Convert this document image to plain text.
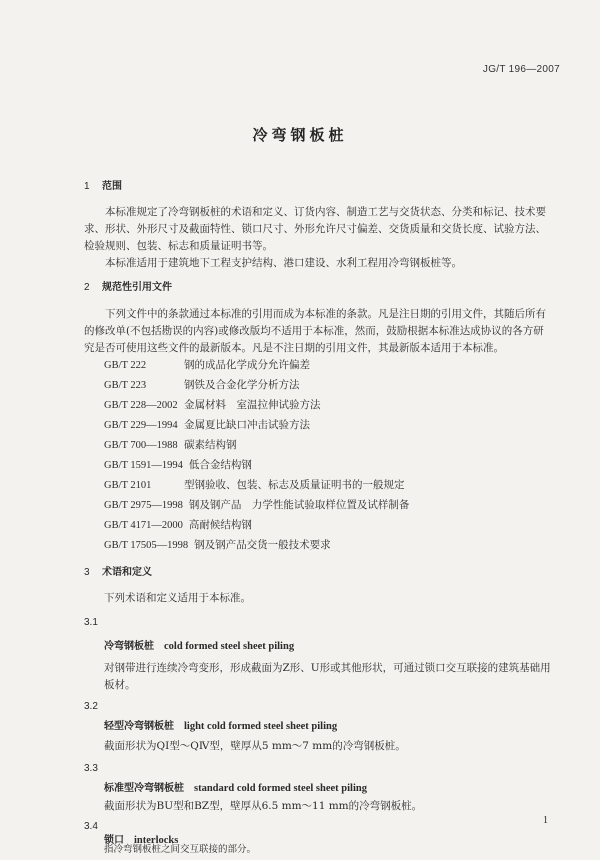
JG/T 196—2007
冷弯钢板桩
1 范围
本标准规定了冷弯钢板桩的术语和定义、订货内容、制造工艺与交货状态、分类和标记、技术要求、形状、外形尺寸及截面特性、锁口尺寸、外形允许尺寸偏差、交货质量和交货长度、试验方法、检验规则、包装、标志和质量证明书等。
本标准适用于建筑地下工程支护结构、港口建设、水利工程用冷弯钢板桩等。
2 规范性引用文件
下列文件中的条款通过本标准的引用而成为本标准的条款。凡是注日期的引用文件，其随后所有的修改单(不包括勘误的内容)或修改版均不适用于本标准，然而，鼓励根据本标准达成协议的各方研究是否可使用这些文件的最新版本。凡是不注日期的引用文件，其最新版本适用于本标准。
GB/T 222	钢的成品化学成分允许偏差
GB/T 223	钢铁及合金化学分析方法
GB/T 228—2002 金属材料　室温拉伸试验方法
GB/T 229—1994 金属夏比缺口冲击试验方法
GB/T 700—1988 碳素结构钢
GB/T 1591—1994 低合金结构钢
GB/T 2101	型钢验收、包装、标志及质量证明书的一般规定
GB/T 2975—1998 钢及钢产品　力学性能试验取样位置及试样制备
GB/T 4171—2000 高耐候结构钢
GB/T 17505—1998 钢及钢产品交货一般技术要求
3 术语和定义
下列术语和定义适用于本标准。
3.1
冷弯钢板桩 cold formed steel sheet piling
对钢带进行连续冷弯变形，形成截面为Z形、U形或其他形状，可通过锁口交互联接的建筑基础用板材。
3.2
轻型冷弯钢板桩 light cold formed steel sheet piling
截面形状为QⅠ型～QⅣ型，壁厚从5 mm～7 mm的冷弯钢板桩。
3.3
标准型冷弯钢板桩 standard cold formed steel sheet piling
截面形状为BU型和BZ型，壁厚从6.5 mm～11 mm的冷弯钢板桩。
3.4
锁口 interlocks
指冷弯钢板桩之间交互联接的部分。
1
